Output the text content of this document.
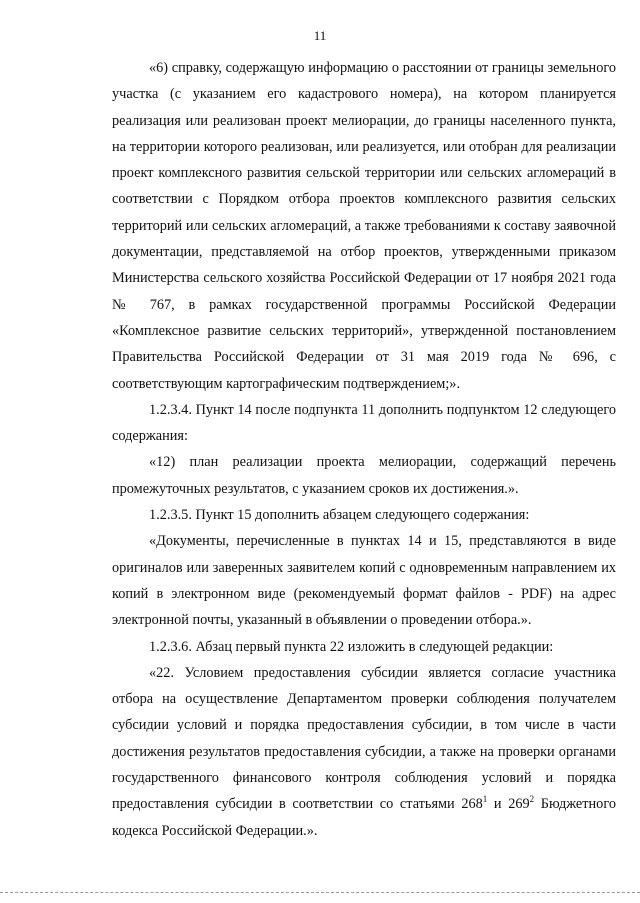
11

«6) справку, содержащую информацию о расстоянии от границы земельного участка (с указанием его кадастрового номера), на котором планируется реализация или реализован проект мелиорации, до границы населенного пункта, на территории которого реализован, или реализуется, или отобран для реализации проект комплексного развития сельской территории или сельских агломераций в соответствии с Порядком отбора проектов комплексного развития сельских территорий или сельских агломераций, а также требованиями к составу заявочной документации, представляемой на отбор проектов, утвержденными приказом Министерства сельского хозяйства Российской Федерации от 17 ноября 2021 года № 767, в рамках государственной программы Российской Федерации «Комплексное развитие сельских территорий», утвержденной постановлением Правительства Российской Федерации от 31 мая 2019 года № 696, с соответствующим картографическим подтверждением;».

1.2.3.4. Пункт 14 после подпункта 11 дополнить подпунктом 12 следующего содержания:

«12) план реализации проекта мелиорации, содержащий перечень промежуточных результатов, с указанием сроков их достижения.».

1.2.3.5. Пункт 15 дополнить абзацем следующего содержания:

«Документы, перечисленные в пунктах 14 и 15, представляются в виде оригиналов или заверенных заявителем копий с одновременным направлением их копий в электронном виде (рекомендуемый формат файлов - PDF) на адрес электронной почты, указанный в объявлении о проведении отбора.».

1.2.3.6. Абзац первый пункта 22 изложить в следующей редакции:

«22. Условием предоставления субсидии является согласие участника отбора на осуществление Департаментом проверки соблюдения получателем субсидии условий и порядка предоставления субсидии, в том числе в части достижения результатов предоставления субсидии, а также на проверки органами государственного финансового контроля соблюдения условий и порядка предоставления субсидии в соответствии со статьями $268^1$ и $269^2$ Бюджетного кодекса Российской Федерации.».
